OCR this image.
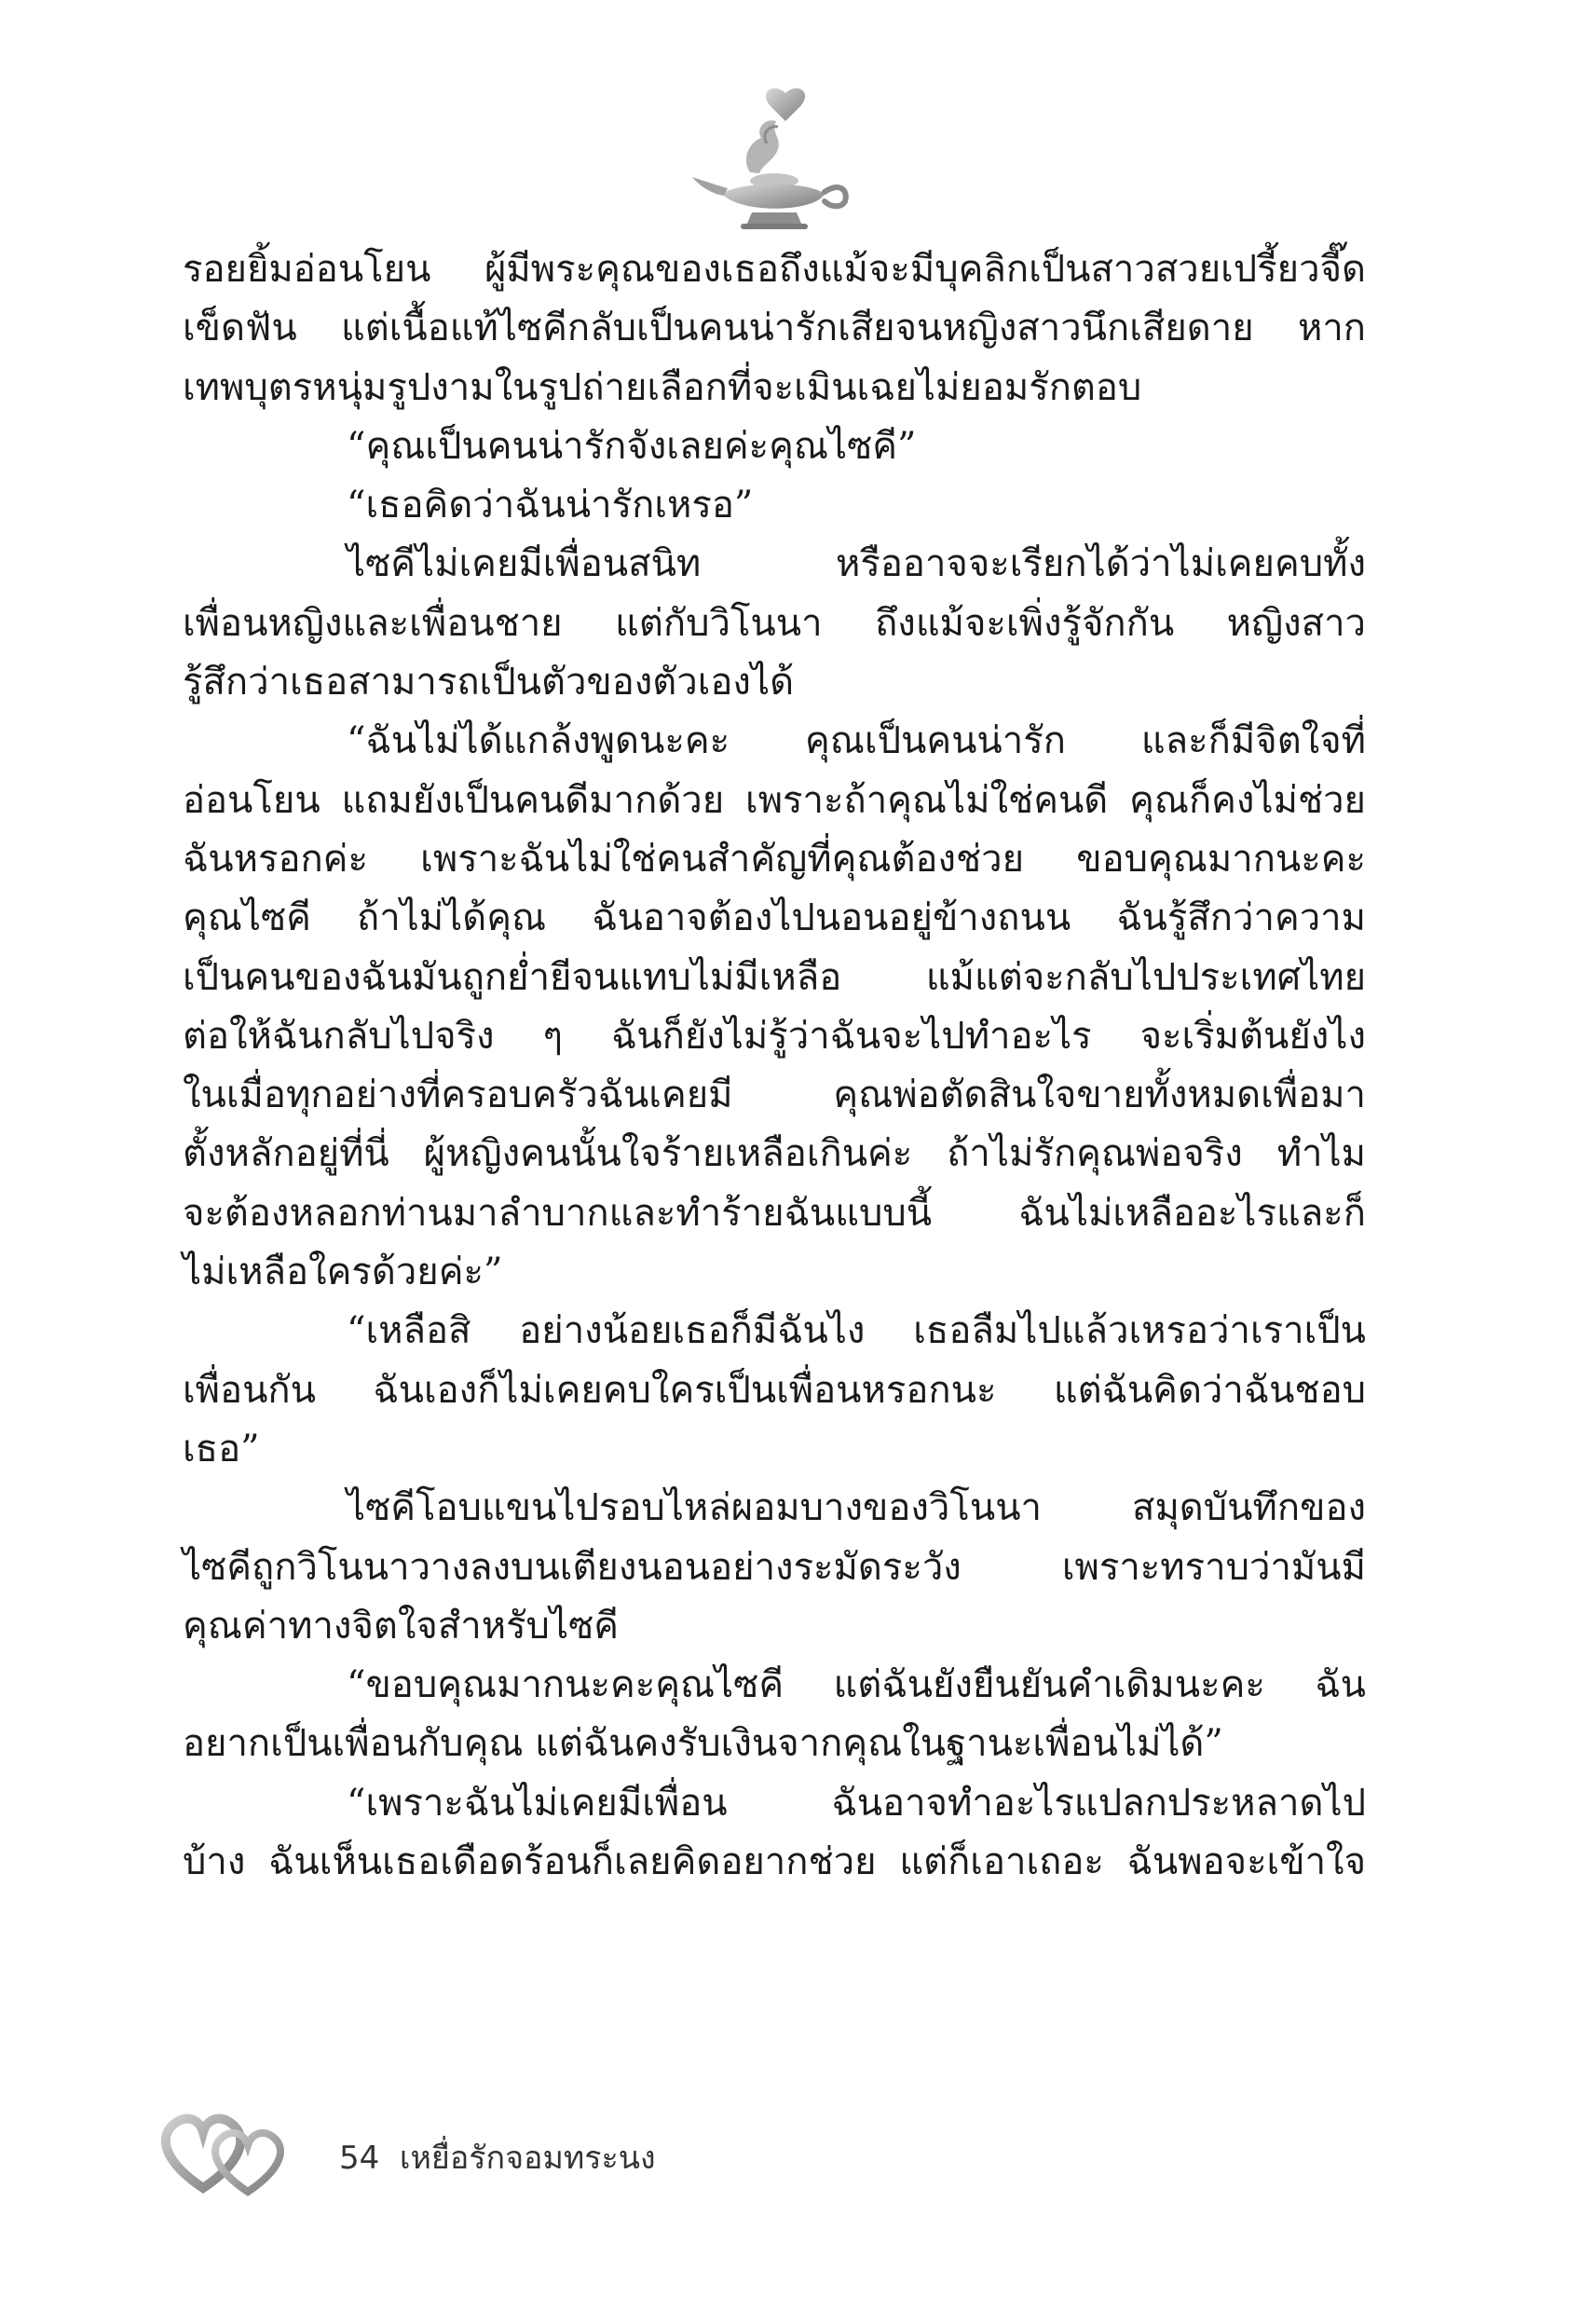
รอยยิ้มอ่อนโยน ผู้มีพระคุณของเธอถึงแม้จะมีบุคลิกเป็นสาวสวยเปรี้ยวจี๊ด
เข็ดฟัน แต่เนื้อแท้ไซคีกลับเป็นคนน่ารักเสียจนหญิงสาวนึกเสียดาย หาก
เทพบุตรหนุ่มรูปงามในรูปถ่ายเลือกที่จะเมินเฉยไม่ยอมรักตอบ
“คุณเป็นคนน่ารักจังเลยค่ะคุณไซคี”
“เธอคิดว่าฉันน่ารักเหรอ”
ไซคีไม่เคยมีเพื่อนสนิท หรืออาจจะเรียกได้ว่าไม่เคยคบทั้ง
เพื่อนหญิงและเพื่อนชาย แต่กับวิโนนา ถึงแม้จะเพิ่งรู้จักกัน หญิงสาว
รู้สึกว่าเธอสามารถเป็นตัวของตัวเองได้
“ฉันไม่ได้แกล้งพูดนะคะ คุณเป็นคนน่ารัก และก็มีจิตใจที่
อ่อนโยน แถมยังเป็นคนดีมากด้วย เพราะถ้าคุณไม่ใช่คนดี คุณก็คงไม่ช่วย
ฉันหรอกค่ะ เพราะฉันไม่ใช่คนสำคัญที่คุณต้องช่วย ขอบคุณมากนะคะ
คุณไซคี ถ้าไม่ได้คุณ ฉันอาจต้องไปนอนอยู่ข้างถนน ฉันรู้สึกว่าความ
เป็นคนของฉันมันถูกย่ำยีจนแทบไม่มีเหลือ แม้แต่จะกลับไปประเทศไทย
ต่อให้ฉันกลับไปจริง ๆ ฉันก็ยังไม่รู้ว่าฉันจะไปทำอะไร จะเริ่มต้นยังไง
ในเมื่อทุกอย่างที่ครอบครัวฉันเคยมี คุณพ่อตัดสินใจขายทั้งหมดเพื่อมา
ตั้งหลักอยู่ที่นี่ ผู้หญิงคนนั้นใจร้ายเหลือเกินค่ะ ถ้าไม่รักคุณพ่อจริง ทำไม
จะต้องหลอกท่านมาลำบากและทำร้ายฉันแบบนี้ ฉันไม่เหลืออะไรและก็
ไม่เหลือใครด้วยค่ะ”
“เหลือสิ อย่างน้อยเธอก็มีฉันไง เธอลืมไปแล้วเหรอว่าเราเป็น
เพื่อนกัน ฉันเองก็ไม่เคยคบใครเป็นเพื่อนหรอกนะ แต่ฉันคิดว่าฉันชอบ
เธอ”
ไซคีโอบแขนไปรอบไหล่ผอมบางของวิโนนา สมุดบันทึกของ
ไซคีถูกวิโนนาวางลงบนเตียงนอนอย่างระมัดระวัง เพราะทราบว่ามันมี
คุณค่าทางจิตใจสำหรับไซคี
“ขอบคุณมากนะคะคุณไซคี แต่ฉันยังยืนยันคำเดิมนะคะ ฉัน
อยากเป็นเพื่อนกับคุณ แต่ฉันคงรับเงินจากคุณในฐานะเพื่อนไม่ได้”
“เพราะฉันไม่เคยมีเพื่อน ฉันอาจทำอะไรแปลกประหลาดไป
บ้าง ฉันเห็นเธอเดือดร้อนก็เลยคิดอยากช่วย แต่ก็เอาเถอะ ฉันพอจะเข้าใจ
54 เหยื่อรักจอมทระนง
